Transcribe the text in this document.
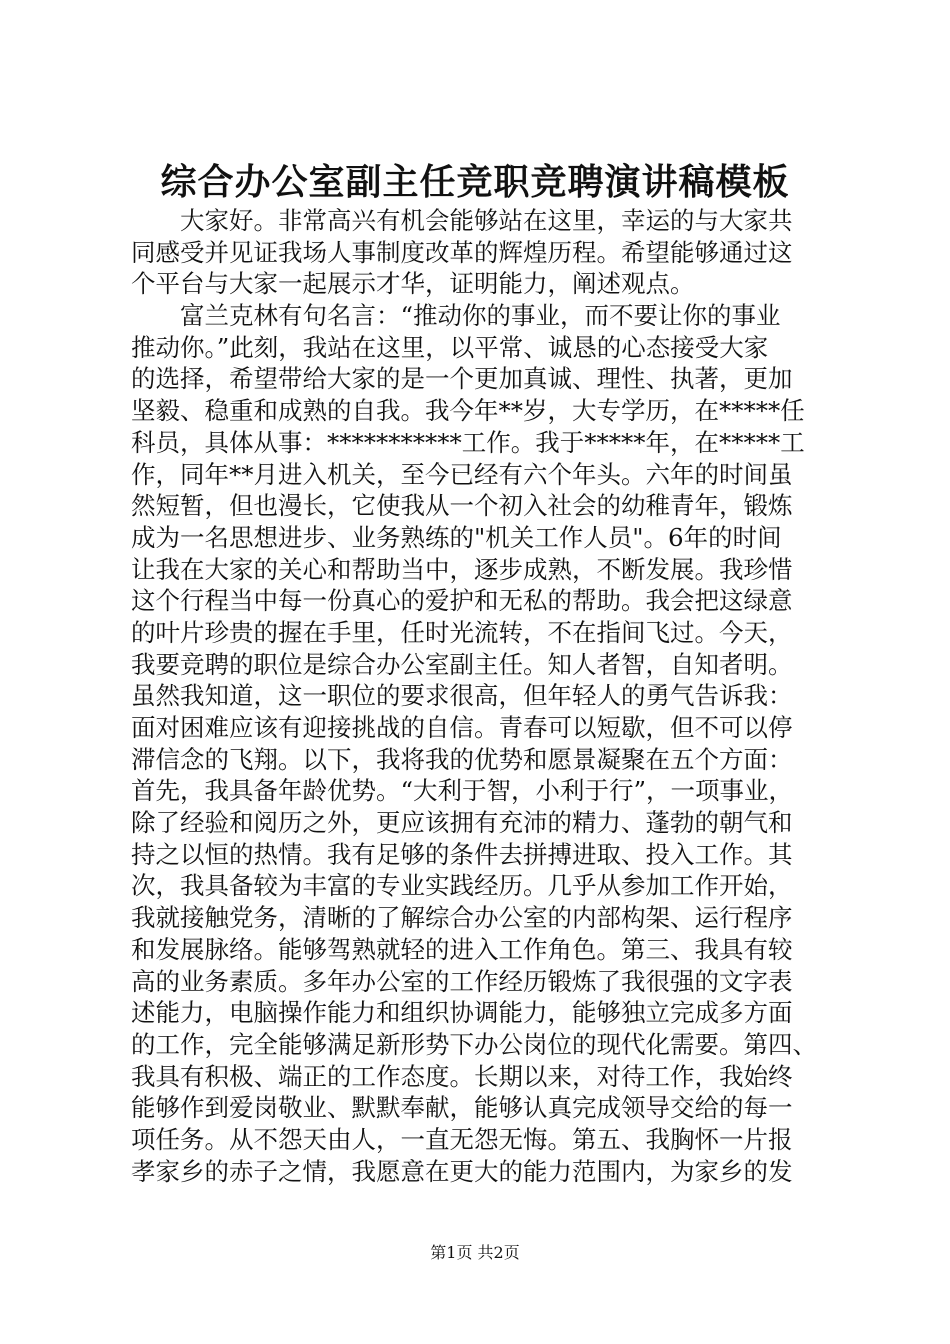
综合办公室副主任竞职竞聘演讲稿模板
　　大家好。非常高兴有机会能够站在这里，幸运的与大家共
同感受并见证我场人事制度改革的辉煌历程。希望能够通过这
个平台与大家一起展示才华，证明能力，阐述观点。
　　富兰克林有句名言：“推动你的事业，而不要让你的事业
推动你。”此刻，我站在这里，以平常、诚恳的心态接受大家
的选择，希望带给大家的是一个更加真诚、理性、执著，更加
坚毅、稳重和成熟的自我。我今年**岁，大专学历，在*****任
科员，具体从事：***********工作。我于*****年，在*****工
作，同年**月进入机关，至今已经有六个年头。六年的时间虽
然短暂，但也漫长，它使我从一个初入社会的幼稚青年，锻炼
成为一名思想进步、业务熟练的"机关工作人员"。6年的时间
让我在大家的关心和帮助当中，逐步成熟，不断发展。我珍惜
这个行程当中每一份真心的爱护和无私的帮助。我会把这绿意
的叶片珍贵的握在手里，任时光流转，不在指间飞过。今天，
我要竞聘的职位是综合办公室副主任。知人者智，自知者明。
虽然我知道，这一职位的要求很高，但年轻人的勇气告诉我：
面对困难应该有迎接挑战的自信。青春可以短歇，但不可以停
滞信念的飞翔。以下，我将我的优势和愿景凝聚在五个方面：
首先，我具备年龄优势。“大利于智，小利于行”，一项事业，
除了经验和阅历之外，更应该拥有充沛的精力、蓬勃的朝气和
持之以恒的热情。我有足够的条件去拼搏进取、投入工作。其
次，我具备较为丰富的专业实践经历。几乎从参加工作开始，
我就接触党务，清晰的了解综合办公室的内部构架、运行程序
和发展脉络。能够驾熟就轻的进入工作角色。第三、我具有较
高的业务素质。多年办公室的工作经历锻炼了我很强的文字表
述能力，电脑操作能力和组织协调能力，能够独立完成多方面
的工作，完全能够满足新形势下办公岗位的现代化需要。第四、
我具有积极、端正的工作态度。长期以来，对待工作，我始终
能够作到爱岗敬业、默默奉献，能够认真完成领导交给的每一
项任务。从不怨天由人，一直无怨无悔。第五、我胸怀一片报
孝家乡的赤子之情，我愿意在更大的能力范围内，为家乡的发
第1页 共2页
